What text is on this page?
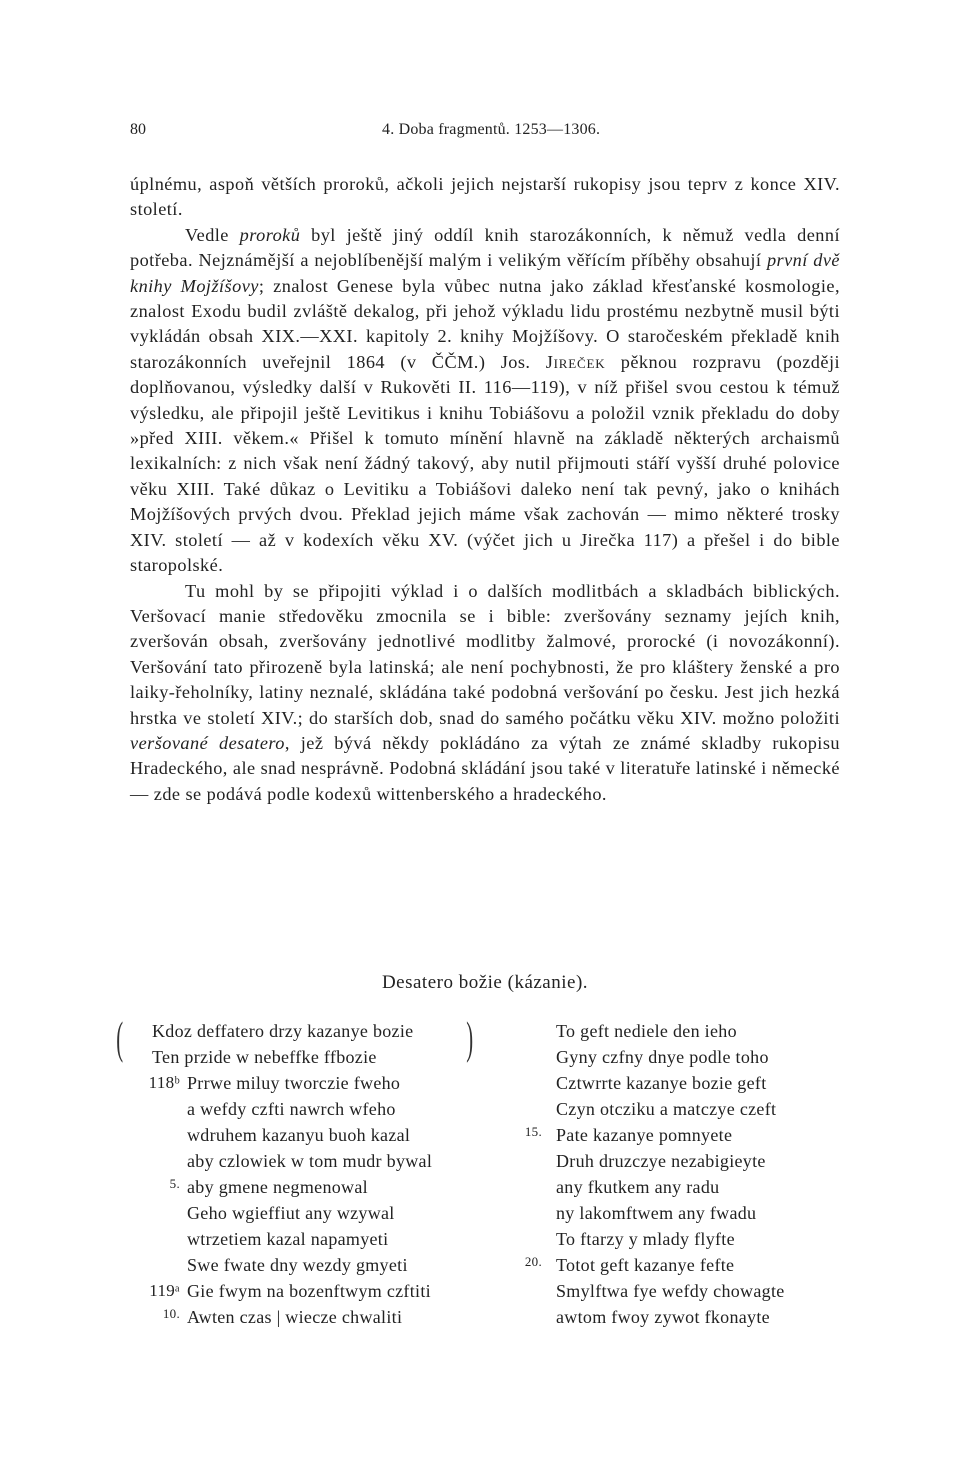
80	4. Doba fragmentů. 1253—1306.

úplnému, aspoň větších proroků, ačkoli jejich nejstarší rukopisy jsou teprv z konce XIV. století.

Vedle proroků byl ještě jiný oddíl knih starozákonních, k němuž vedla denní potřeba. Nejznámější a nejoblíbenější malým i velikým věřícím příběhy obsahují první dvě knihy Mojžíšovy; znalost Genese byla vůbec nutna jako základ křesťanské kosmologie, znalost Exodu budil zvláště dekalog, při jehož výkladu lidu prostému nezbytně musil býti vykládán obsah XIX.—XXI. kapitoly 2. knihy Mojžíšovy. O staročeském překladě knih starozákonních uveřejnil 1864 (v ČČM.) Jos. Jireček pěknou rozpravu (později doplňovanou, výsledky další v Rukověti II. 116—119), v níž přišel svou cestou k témuž výsledku, ale připojil ještě Levitikus i knihu Tobiášovu a položil vznik překladu do doby »před XIII. věkem.« Přišel k tomuto mínění hlavně na základě některých archaismů lexikalních: z nich však není žádný takový, aby nutil přijmouti stáří vyšší druhé polovice věku XIII. Také důkaz o Levitiku a Tobiášovi daleko není tak pevný, jako o knihách Mojžíšových prvých dvou. Překlad jejich máme však zachován — mimo některé trosky XIV. století — až v kodexích věku XV. (výčet jich u Jirečka 117) a přešel i do bible staropolské.

Tu mohl by se připojiti výklad i o dalších modlitbách a skladbách biblických. Veršovací manie středověku zmocnila se i bible: zveršovány seznamy jejích knih, zveršován obsah, zveršovány jednotlivé modlitby žalmové, prorocké (i novozákonní). Veršování tato přirozeně byla latinská; ale není pochybnosti, že pro kláštery ženské a pro laiky-řeholníky, latiny neznalé, skládána také podobná veršování po česku. Jest jich hezká hrstka ve století XIV.; do starších dob, snad do samého počátku věku XIV. možno položiti veršované desatero, jež bývá někdy pokládáno za výtah ze známé skladby rukopisu Hradeckého, ale snad nesprávně. Podobná skládání jsou také v literatuře latinské i německé — zde se podává podle kodexů wittenberského a hradeckého.

Desatero božie (kázanie).
(	)
Kdoz deffatero drzy kazanye bozie
Ten przide w nebeffke ffbozie
118ᵇ Prrwe miluy tworczie fweho
a wefdy czfti nawrch wfeho
wdruhem kazanyu buoh kazal
aby czlowiek w tom mudr bywal
5. aby gmene negmenowal
Geho wgieffiut any wzywal
wtrzetiem kazal napamyeti
Swe fwate dny wezdy gmyeti
119ᵃ Gie fwym na bozenftwym czftiti
10. Awten czas | wiecze chwaliti
To geft nediele den ieho
Gyny czfny dnye podle toho
Cztwrrte kazanye bozie geft
Czyn otcziku a matczye czeft
15. Pate kazanye pomnyete
Druh druzczye nezabigieyte
any fkutkem any radu
ny lakomftwem any fwadu
To ftarzy y mlady flyfte
20. Totot geft kazanye fefte
Smylftwa fye wefdy chowagte
awtom fwoy zywot fkonayte
